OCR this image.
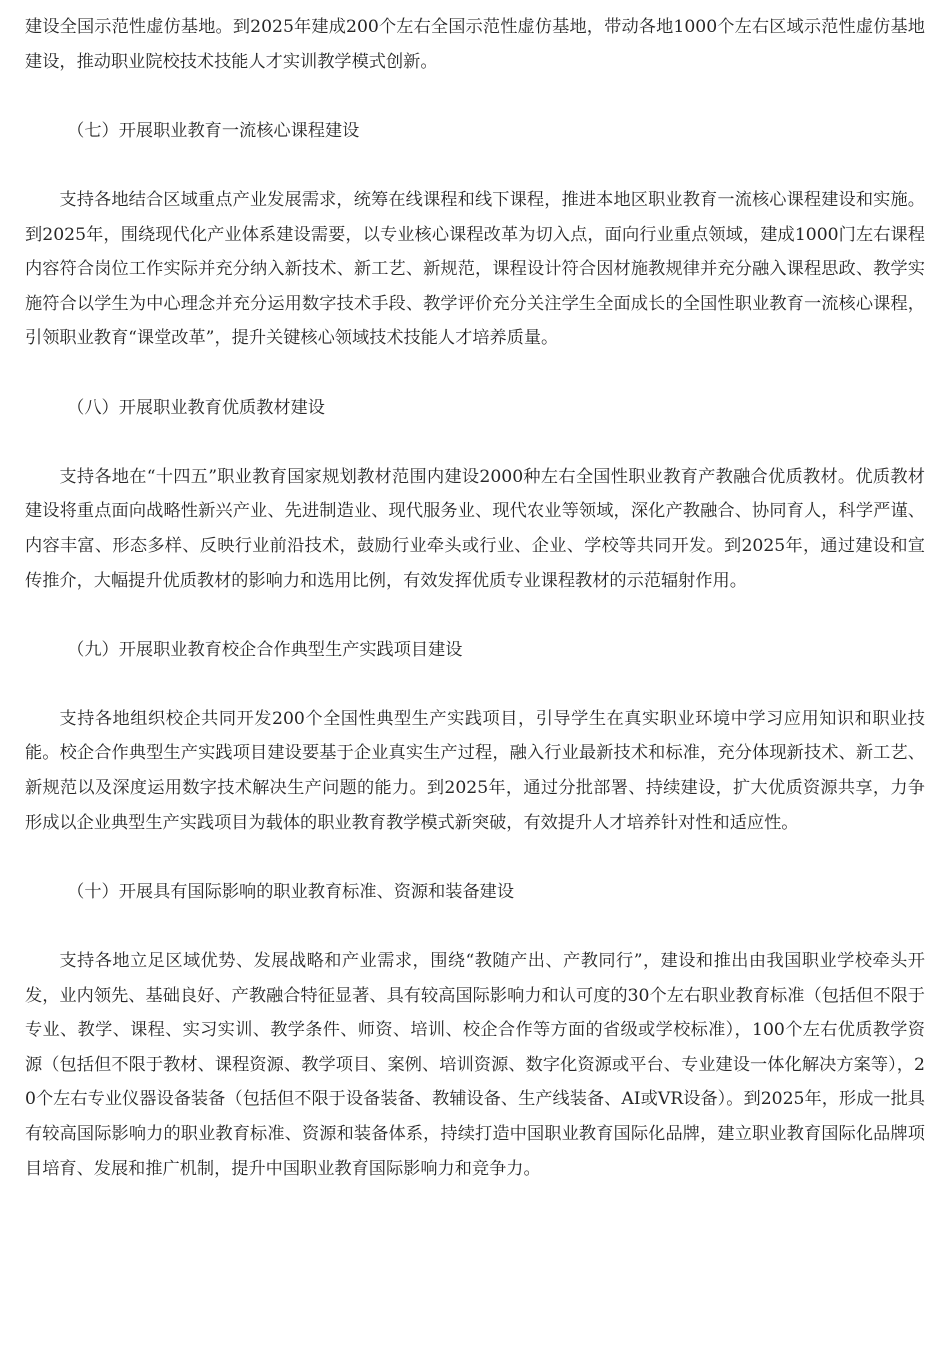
建设全国示范性虚仿基地。到2025年建成200个左右全国示范性虚仿基地，带动各地1000个左右区域示范性虚仿基地建设，推动职业院校技术技能人才实训教学模式创新。

（七）开展职业教育一流核心课程建设

支持各地结合区域重点产业发展需求，统筹在线课程和线下课程，推进本地区职业教育一流核心课程建设和实施。到2025年，围绕现代化产业体系建设需要，以专业核心课程改革为切入点，面向行业重点领域，建成1000门左右课程内容符合岗位工作实际并充分纳入新技术、新工艺、新规范，课程设计符合因材施教规律并充分融入课程思政、教学实施符合以学生为中心理念并充分运用数字技术手段、教学评价充分关注学生全面成长的全国性职业教育一流核心课程，引领职业教育“课堂改革”，提升关键核心领域技术技能人才培养质量。

（八）开展职业教育优质教材建设

支持各地在“十四五”职业教育国家规划教材范围内建设2000种左右全国性职业教育产教融合优质教材。优质教材建设将重点面向战略性新兴产业、先进制造业、现代服务业、现代农业等领域，深化产教融合、协同育人，科学严谨、内容丰富、形态多样、反映行业前沿技术，鼓励行业牵头或行业、企业、学校等共同开发。到2025年，通过建设和宣传推介，大幅提升优质教材的影响力和选用比例，有效发挥优质专业课程教材的示范辐射作用。

（九）开展职业教育校企合作典型生产实践项目建设

支持各地组织校企共同开发200个全国性典型生产实践项目，引导学生在真实职业环境中学习应用知识和职业技能。校企合作典型生产实践项目建设要基于企业真实生产过程，融入行业最新技术和标准，充分体现新技术、新工艺、新规范以及深度运用数字技术解决生产问题的能力。到2025年，通过分批部署、持续建设，扩大优质资源共享，力争形成以企业典型生产实践项目为载体的职业教育教学模式新突破，有效提升人才培养针对性和适应性。

（十）开展具有国际影响的职业教育标准、资源和装备建设

支持各地立足区域优势、发展战略和产业需求，围绕“教随产出、产教同行”，建设和推出由我国职业学校牵头开发，业内领先、基础良好、产教融合特征显著、具有较高国际影响力和认可度的30个左右职业教育标准（包括但不限于专业、教学、课程、实习实训、教学条件、师资、培训、校企合作等方面的省级或学校标准），100个左右优质教学资源（包括但不限于教材、课程资源、教学项目、案例、培训资源、数字化资源或平台、专业建设一体化解决方案等），20个左右专业仪器设备装备（包括但不限于设备装备、教辅设备、生产线装备、AI或VR设备）。到2025年，形成一批具有较高国际影响力的职业教育标准、资源和装备体系，持续打造中国职业教育国际化品牌，建立职业教育国际化品牌项目培育、发展和推广机制，提升中国职业教育国际影响力和竞争力。
